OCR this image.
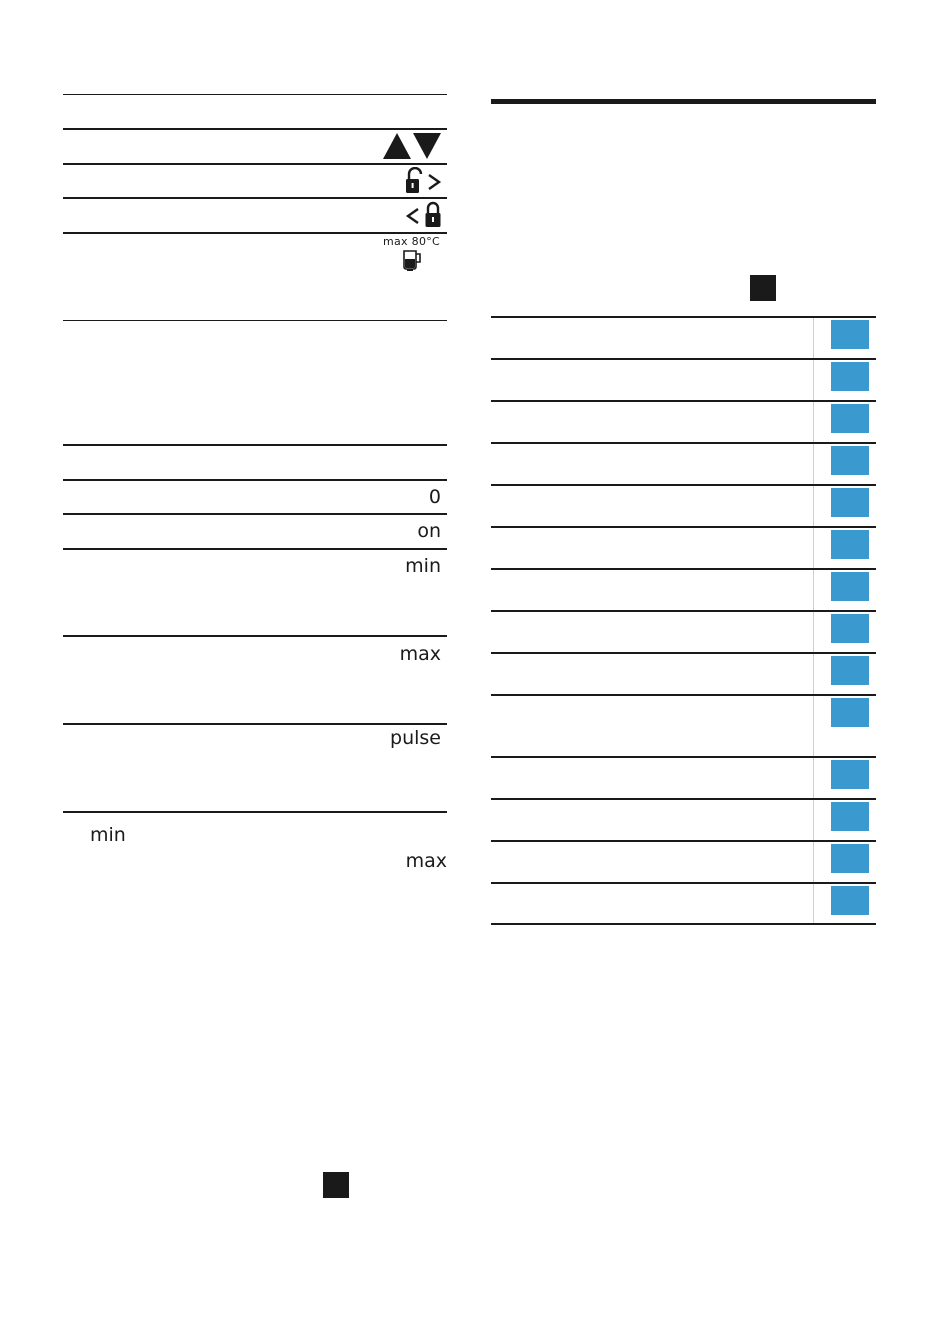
max 80°C
0
on
min
max
pulse
min
max
